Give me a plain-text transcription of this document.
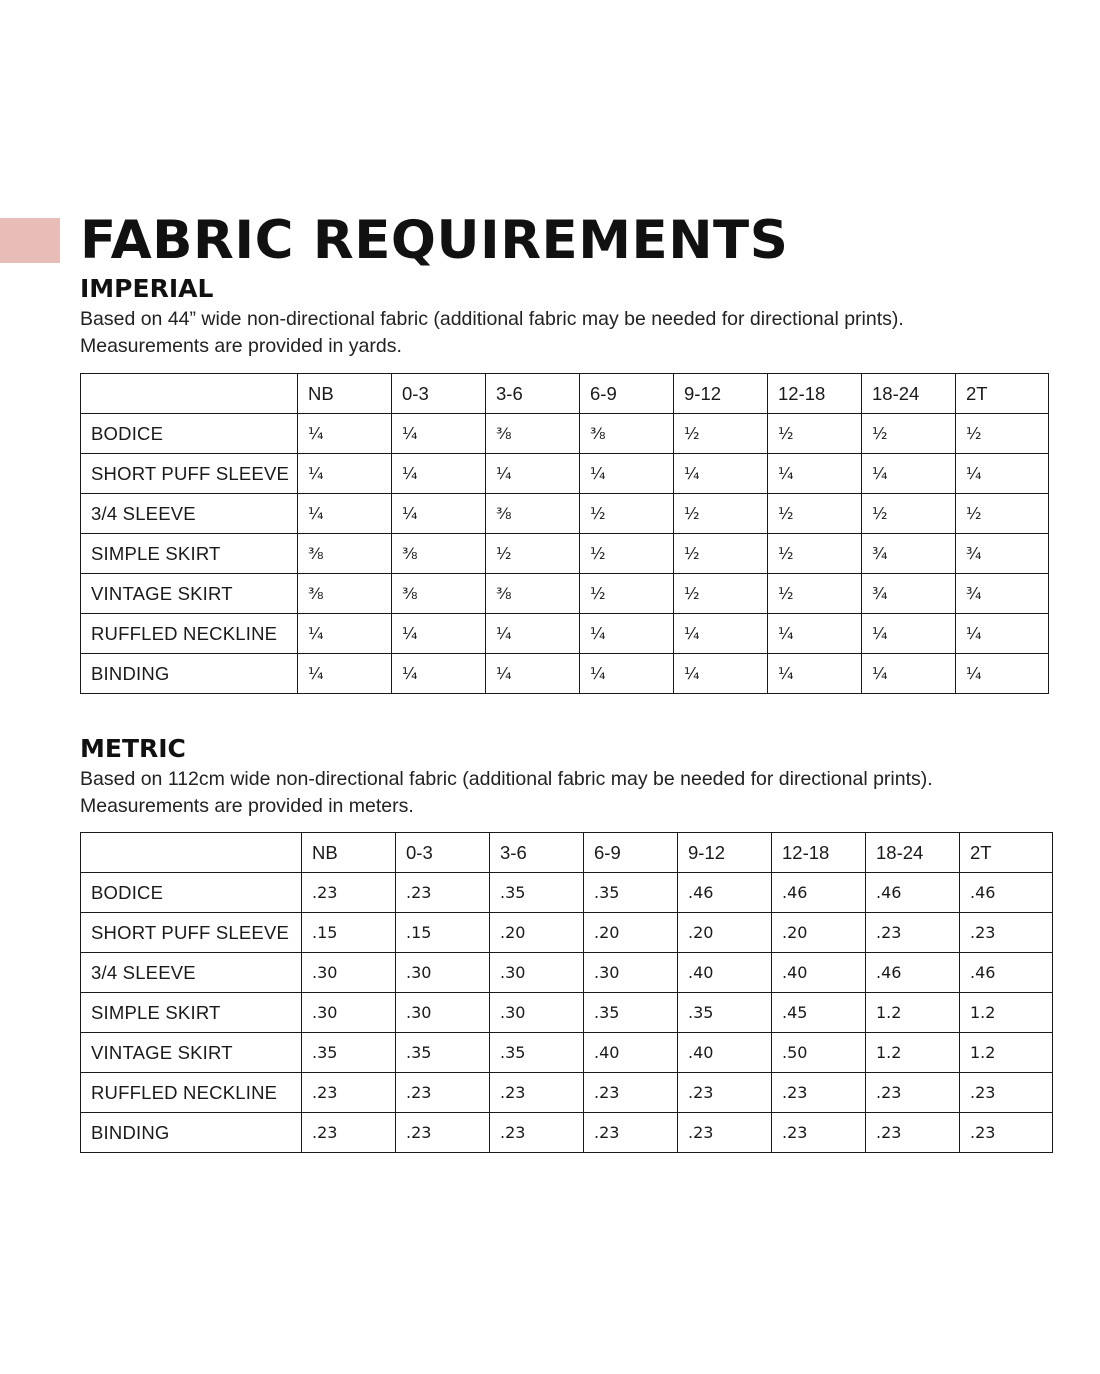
FABRIC REQUIREMENTS
IMPERIAL

Based on 44” wide non-directional fabric (additional fabric may be needed for directional prints).
Measurements are provided in yards.

	NB	0-3	3-6	6-9	9-12	12-18	18-24	2T
BODICE	¼	¼	⅜	⅜	½	½	½	½
SHORT PUFF SLEEVE	¼	¼	¼	¼	¼	¼	¼	¼
3/4 SLEEVE	¼	¼	⅜	½	½	½	½	½
SIMPLE SKIRT	⅜	⅜	½	½	½	½	¾	¾
VINTAGE SKIRT	⅜	⅜	⅜	½	½	½	¾	¾
RUFFLED NECKLINE	¼	¼	¼	¼	¼	¼	¼	¼
BINDING	¼	¼	¼	¼	¼	¼	¼	¼
METRIC

Based on 112cm wide non-directional fabric (additional fabric may be needed for directional prints).
Measurements are provided in meters.

	NB	0-3	3-6	6-9	9-12	12-18	18-24	2T
BODICE	.23	.23	.35	.35	.46	.46	.46	.46
SHORT PUFF SLEEVE	.15	.15	.20	.20	.20	.20	.23	.23
3/4 SLEEVE	.30	.30	.30	.30	.40	.40	.46	.46
SIMPLE SKIRT	.30	.30	.30	.35	.35	.45	1.2	1.2
VINTAGE SKIRT	.35	.35	.35	.40	.40	.50	1.2	1.2
RUFFLED NECKLINE	.23	.23	.23	.23	.23	.23	.23	.23
BINDING	.23	.23	.23	.23	.23	.23	.23	.23
